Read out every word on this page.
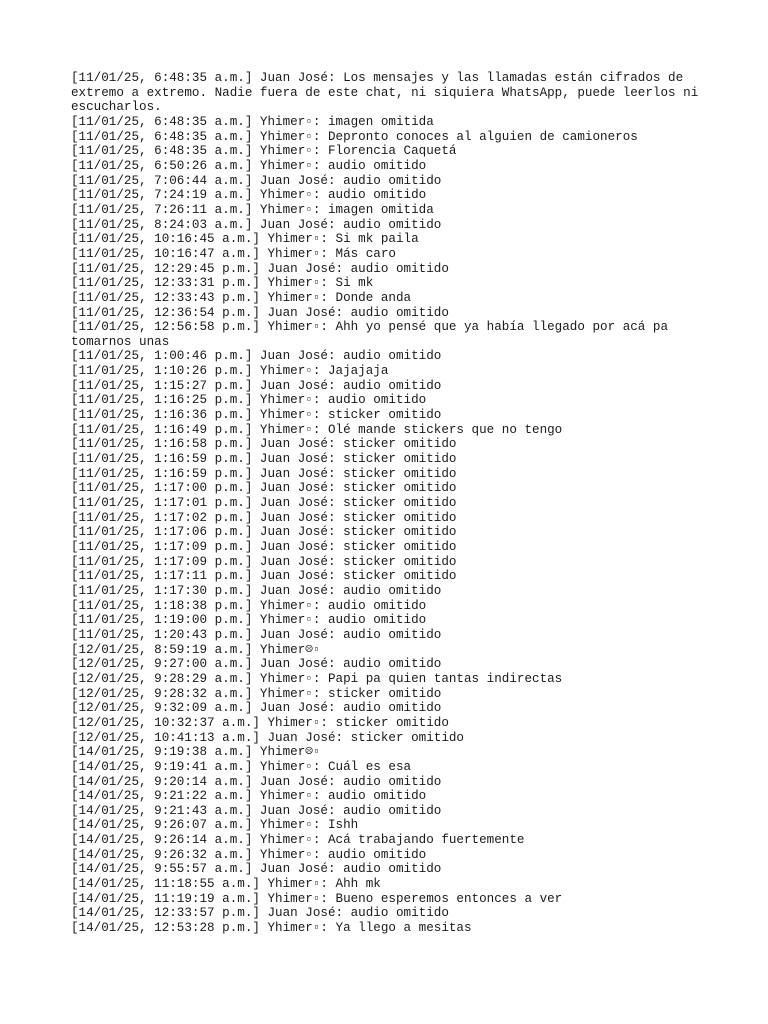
[11/01/25, 6:48:35 a.m.] Juan José: Los mensajes y las llamadas están cifrados de extremo a extremo. Nadie fuera de este chat, ni siquiera WhatsApp, puede leerlos ni escucharlos.

[11/01/25, 6:48:35 a.m.] Yhimer▫: imagen omitida

[11/01/25, 6:48:35 a.m.] Yhimer▫: Depronto conoces al alguien de camioneros

[11/01/25, 6:48:35 a.m.] Yhimer▫: Florencia Caquetá

[11/01/25, 6:50:26 a.m.] Yhimer▫: audio omitido

[11/01/25, 7:06:44 a.m.] Juan José: audio omitido

[11/01/25, 7:24:19 a.m.] Yhimer▫: audio omitido

[11/01/25, 7:26:11 a.m.] Yhimer▫: imagen omitida

[11/01/25, 8:24:03 a.m.] Juan José: audio omitido

[11/01/25, 10:16:45 a.m.] Yhimer▫: Si mk paila

[11/01/25, 10:16:47 a.m.] Yhimer▫: Más caro

[11/01/25, 12:29:45 p.m.] Juan José: audio omitido

[11/01/25, 12:33:31 p.m.] Yhimer▫: Si mk

[11/01/25, 12:33:43 p.m.] Yhimer▫: Donde anda

[11/01/25, 12:36:54 p.m.] Juan José: audio omitido

[11/01/25, 12:56:58 p.m.] Yhimer▫: Ahh yo pensé que ya había llegado por acá pa tomarnos unas

[11/01/25, 1:00:46 p.m.] Juan José: audio omitido

[11/01/25, 1:10:26 p.m.] Yhimer▫: Jajajaja

[11/01/25, 1:15:27 p.m.] Juan José: audio omitido

[11/01/25, 1:16:25 p.m.] Yhimer▫: audio omitido

[11/01/25, 1:16:36 p.m.] Yhimer▫: sticker omitido

[11/01/25, 1:16:49 p.m.] Yhimer▫: Olé mande stickers que no tengo

[11/01/25, 1:16:58 p.m.] Juan José: sticker omitido

[11/01/25, 1:16:59 p.m.] Juan José: sticker omitido

[11/01/25, 1:16:59 p.m.] Juan José: sticker omitido

[11/01/25, 1:17:00 p.m.] Juan José: sticker omitido

[11/01/25, 1:17:01 p.m.] Juan José: sticker omitido

[11/01/25, 1:17:02 p.m.] Juan José: sticker omitido

[11/01/25, 1:17:06 p.m.] Juan José: sticker omitido

[11/01/25, 1:17:09 p.m.] Juan José: sticker omitido

[11/01/25, 1:17:09 p.m.] Juan José: sticker omitido

[11/01/25, 1:17:11 p.m.] Juan José: sticker omitido

[11/01/25, 1:17:30 p.m.] Juan José: audio omitido

[11/01/25, 1:18:38 p.m.] Yhimer▫: audio omitido

[11/01/25, 1:19:00 p.m.] Yhimer▫: audio omitido

[11/01/25, 1:20:43 p.m.] Juan José: audio omitido

[12/01/25, 8:59:19 a.m.] Yhimer☹▫

[12/01/25, 9:27:00 a.m.] Juan José: audio omitido

[12/01/25, 9:28:29 a.m.] Yhimer▫: Papi pa quien tantas indirectas

[12/01/25, 9:28:32 a.m.] Yhimer▫: sticker omitido

[12/01/25, 9:32:09 a.m.] Juan José: audio omitido

[12/01/25, 10:32:37 a.m.] Yhimer▫: sticker omitido

[12/01/25, 10:41:13 a.m.] Juan José: sticker omitido

[14/01/25, 9:19:38 a.m.] Yhimer☹▫

[14/01/25, 9:19:41 a.m.] Yhimer▫: Cuál es esa

[14/01/25, 9:20:14 a.m.] Juan José: audio omitido

[14/01/25, 9:21:22 a.m.] Yhimer▫: audio omitido

[14/01/25, 9:21:43 a.m.] Juan José: audio omitido

[14/01/25, 9:26:07 a.m.] Yhimer▫: Ishh

[14/01/25, 9:26:14 a.m.] Yhimer▫: Acá trabajando fuertemente

[14/01/25, 9:26:32 a.m.] Yhimer▫: audio omitido

[14/01/25, 9:55:57 a.m.] Juan José: audio omitido

[14/01/25, 11:18:55 a.m.] Yhimer▫: Ahh mk

[14/01/25, 11:19:19 a.m.] Yhimer▫: Bueno esperemos entonces a ver

[14/01/25, 12:33:57 p.m.] Juan José: audio omitido

[14/01/25, 12:53:28 p.m.] Yhimer▫: Ya llego a mesitas
